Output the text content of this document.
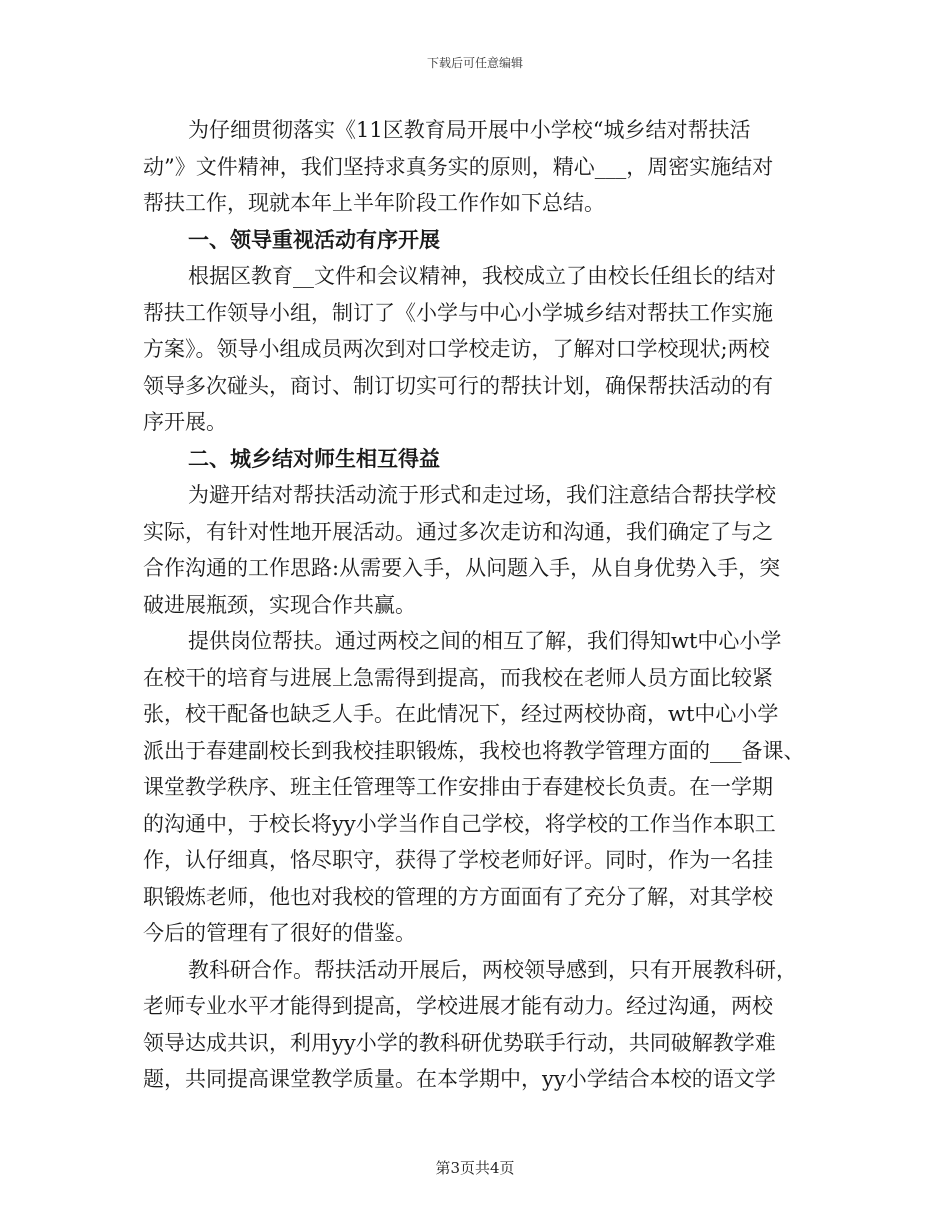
下载后可任意编辑
为仔细贯彻落实《11区教育局开展中小学校“城乡结对帮扶活
动”》文件精神，我们坚持求真务实的原则，精心___，周密实施结对
帮扶工作，现就本年上半年阶段工作作如下总结。
一、领导重视活动有序开展
根据区教育__文件和会议精神，我校成立了由校长任组长的结对
帮扶工作领导小组，制订了《小学与中心小学城乡结对帮扶工作实施
方案》。领导小组成员两次到对口学校走访，了解对口学校现状;两校
领导多次碰头，商讨、制订切实可行的帮扶计划，确保帮扶活动的有
序开展。
二、城乡结对师生相互得益
为避开结对帮扶活动流于形式和走过场，我们注意结合帮扶学校
实际，有针对性地开展活动。通过多次走访和沟通，我们确定了与之
合作沟通的工作思路:从需要入手，从问题入手，从自身优势入手，突
破进展瓶颈，实现合作共赢。
提供岗位帮扶。通过两校之间的相互了解，我们得知wt中心小学
在校干的培育与进展上急需得到提高，而我校在老师人员方面比较紧
张，校干配备也缺乏人手。在此情况下，经过两校协商，wt中心小学
派出于春建副校长到我校挂职锻炼，我校也将教学管理方面的___备课、
课堂教学秩序、班主任管理等工作安排由于春建校长负责。在一学期
的沟通中，于校长将yy小学当作自己学校，将学校的工作当作本职工
作，认仔细真，恪尽职守，获得了学校老师好评。同时，作为一名挂
职锻炼老师，他也对我校的管理的方方面面有了充分了解，对其学校
今后的管理有了很好的借鉴。
教科研合作。帮扶活动开展后，两校领导感到，只有开展教科研，
老师专业水平才能得到提高，学校进展才能有动力。经过沟通，两校
领导达成共识，利用yy小学的教科研优势联手行动，共同破解教学难
题，共同提高课堂教学质量。在本学期中，yy小学结合本校的语文学
第3页共4页
